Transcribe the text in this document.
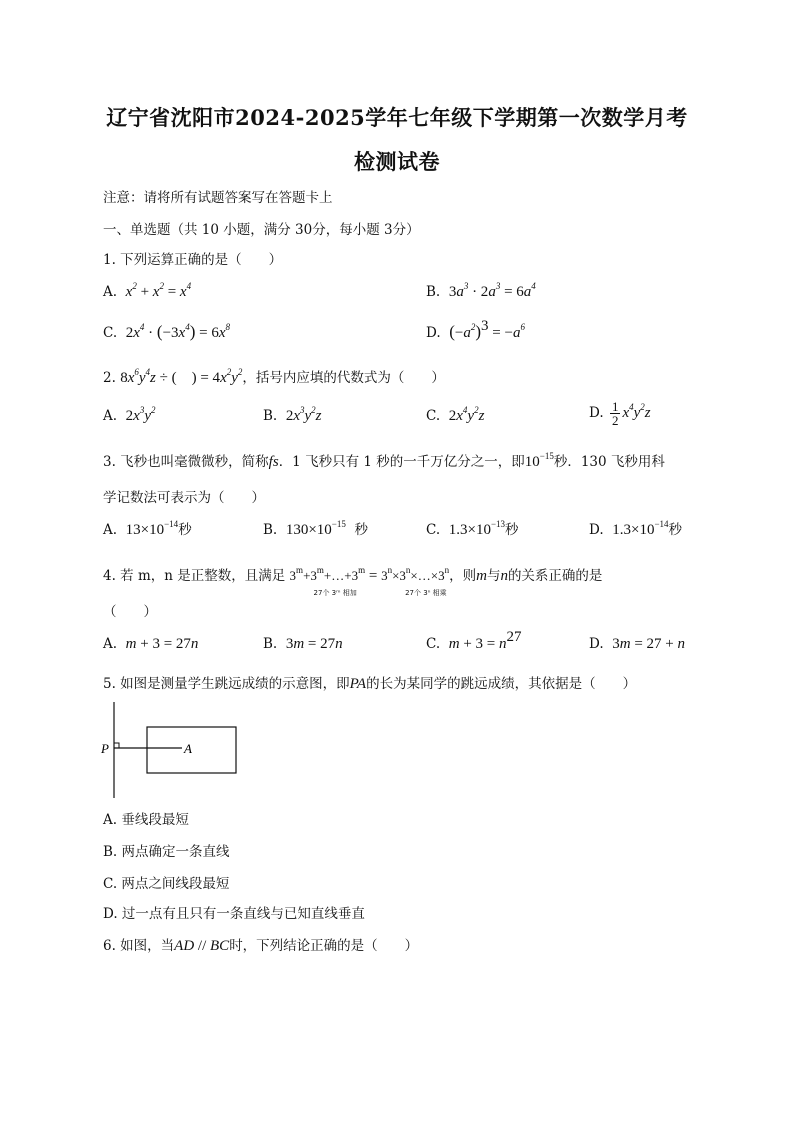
辽宁省沈阳市2024-2025学年七年级下学期第一次数学月考
检测试卷
注意：请将所有试题答案写在答题卡上
一、单选题（共 10 小题，满分 30分，每小题 3分）
1. 下列运算正确的是（　　）
A. $x^2 + x^2 = x^4$	B. $3a^3 \cdot 2a^3 = 6a^4$
C. $2x^4 \cdot (-3x^4) = 6x^8$	D. $(-a^2)^3 = -a^6$
2. $8x^6y^4z$ ÷ (　) = $4x^2y^2$，括号内应填的代数式为（　　）
A. $2x^3y^2$	B. $2x^3y^2z$	C. $2x^4y^2z$	D. $\frac{1}{2} x^4y^2z$
3. 飞秒也叫毫微微秒，简称fs．1 飞秒只有 1 秒的一千万亿分之一，即$10^{-15}$秒．130 飞秒用科
学记数法可表示为（　　）
A. $13\times 10^{-14}$秒	B. $130\times 10^{-15}$ 秒	C. $1.3\times 10^{-13}$秒	D. $1.3\times 10^{-14}$秒
4. 若 m，n 是正整数，且满足 $3^m+3^m+\dots+3^m$
27个 3ᵐ 相加
= $3^n\times 3^n\times\dots\times 3^n$
27个 3ⁿ 相乘
，则m与n的关系正确的是
（　　）
A. m + 3 = 27n	B. 3m = 27n	C. $m + 3 = n^{27}$	D. 3m = 27 + n
5. 如图是测量学生跳远成绩的示意图，即PA的长为某同学的跳远成绩，其依据是（　　）
P	A
A. 垂线段最短
B. 两点确定一条直线
C. 两点之间线段最短
D. 过一点有且只有一条直线与已知直线垂直
6. 如图，当AD // BC时，下列结论正确的是（　　）
